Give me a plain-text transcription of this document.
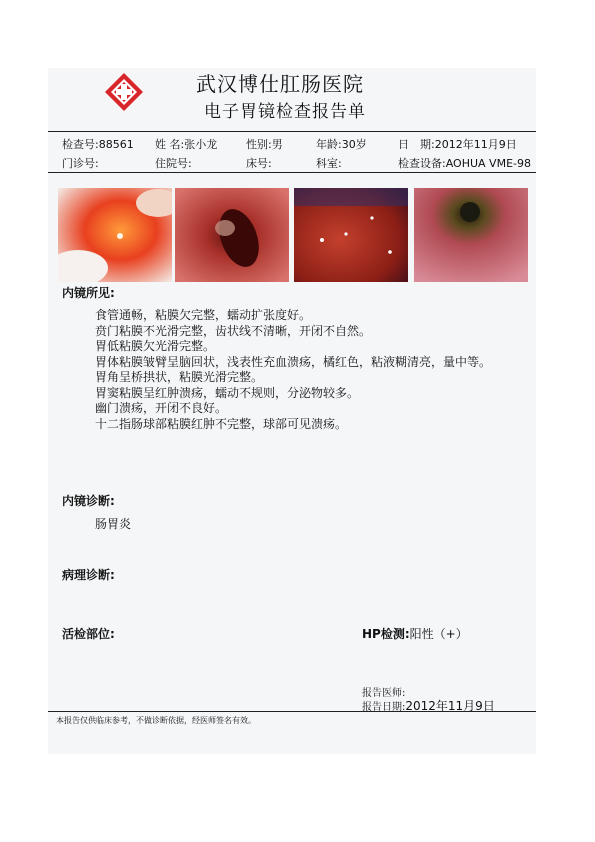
武汉博仕肛肠医院
电子胃镜检查报告单
检查号:88561 姓 名:张小龙	性别:男	年龄:30岁	日　期:2012年11月9日
门诊号:	住院号:	床号:	科室:	检查设备:AOHUA VME-98
内镜所见:
食管通畅，粘膜欠完整，蠕动扩张度好。
贲门粘膜不光滑完整，齿状线不清晰，开闭不自然。
胃低粘膜欠光滑完整。
胃体粘膜皱臂呈脑回状，浅表性充血溃疡，橘红色，粘液糊清亮，量中等。
胃角呈桥拱状，粘膜光滑完整。
胃窦粘膜呈红肿溃疡，蠕动不规则，分泌物较多。
幽门溃疡，开闭不良好。
十二指肠球部粘膜红肿不完整，球部可见溃疡。
内镜诊断:
肠胃炎
病理诊断:
活检部位:	HP检测:阳性（+）
报告医师:
报告日期:2012年11月9日
本报告仅供临床参考，不做诊断依据，经医师签名有效。
